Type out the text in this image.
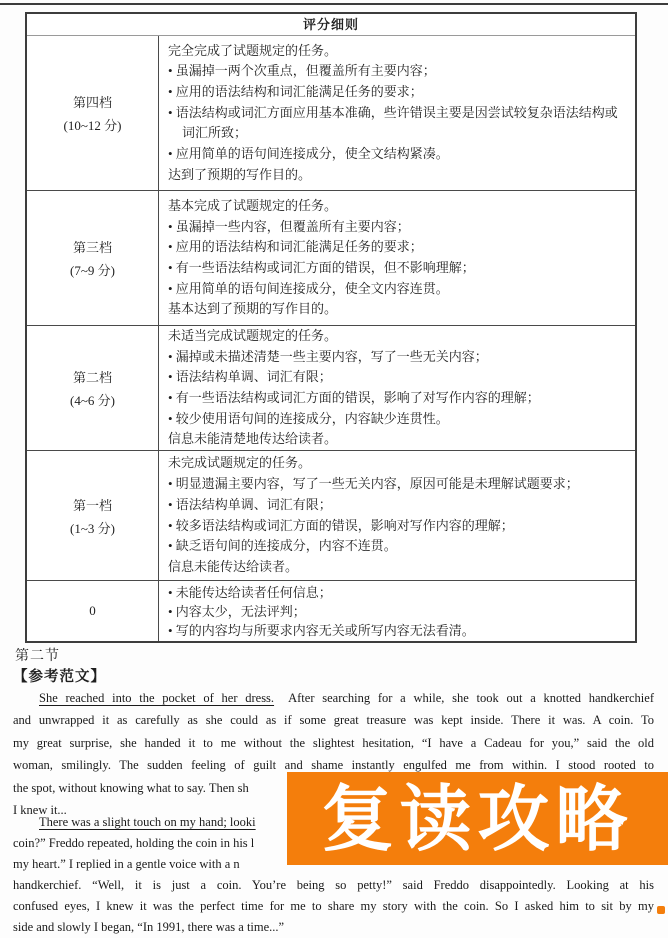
评分细则
第四档
(10~12 分)
完全完成了试题规定的任务。
• 虽漏掉一两个次重点，但覆盖所有主要内容；
• 应用的语法结构和词汇能满足任务的要求；
• 语法结构或词汇方面应用基本准确，些许错误主要是因尝试较复杂语法结构或词汇所致；
• 应用简单的语句间连接成分，使全文结构紧凑。
达到了预期的写作目的。
第三档
(7~9 分)
基本完成了试题规定的任务。
• 虽漏掉一些内容，但覆盖所有主要内容；
• 应用的语法结构和词汇能满足任务的要求；
• 有一些语法结构或词汇方面的错误，但不影响理解；
• 应用简单的语句间连接成分，使全文内容连贯。
基本达到了预期的写作目的。
第二档
(4~6 分)
未适当完成试题规定的任务。
• 漏掉或未描述清楚一些主要内容，写了一些无关内容；
• 语法结构单调、词汇有限；
• 有一些语法结构或词汇方面的错误，影响了对写作内容的理解；
• 较少使用语句间的连接成分，内容缺少连贯性。
信息未能清楚地传达给读者。
第一档
(1~3 分)
未完成试题规定的任务。
• 明显遗漏主要内容，写了一些无关内容，原因可能是未理解试题要求；
• 语法结构单调、词汇有限；
• 较多语法结构或词汇方面的错误，影响对写作内容的理解；
• 缺乏语句间的连接成分，内容不连贯。
信息未能传达给读者。
0
• 未能传达给读者任何信息；
• 内容太少，无法评判；
• 写的内容均与所要求内容无关或所写内容无法看清。
第二节
【参考范文】
She reached into the pocket of her dress. After searching for a while, she took out a knotted handkerchief
and unwrapped it as carefully as she could as if some great treasure was kept inside. There it was. A coin. To
my great surprise, she handed it to me without the slightest hesitation, “I have a Cadeau for you,” said the old
woman, smilingly. The sudden feeling of guilt and shame instantly engulfed me from within. I stood rooted to
the spot, without knowing what to say. Then sh
I knew it...
There was a slight touch on my hand; looki
coin?” Freddo repeated, holding the coin in his l
my heart.” I replied in a gentle voice with a n
handkerchief. “Well, it is just a coin. You’re being so petty!” said Freddo disappointedly. Looking at his
confused eyes, I knew it was the perfect time for me to share my story with the coin. So I asked him to sit by my
side and slowly I began, “In 1991, there was a time...”
复读攻略
